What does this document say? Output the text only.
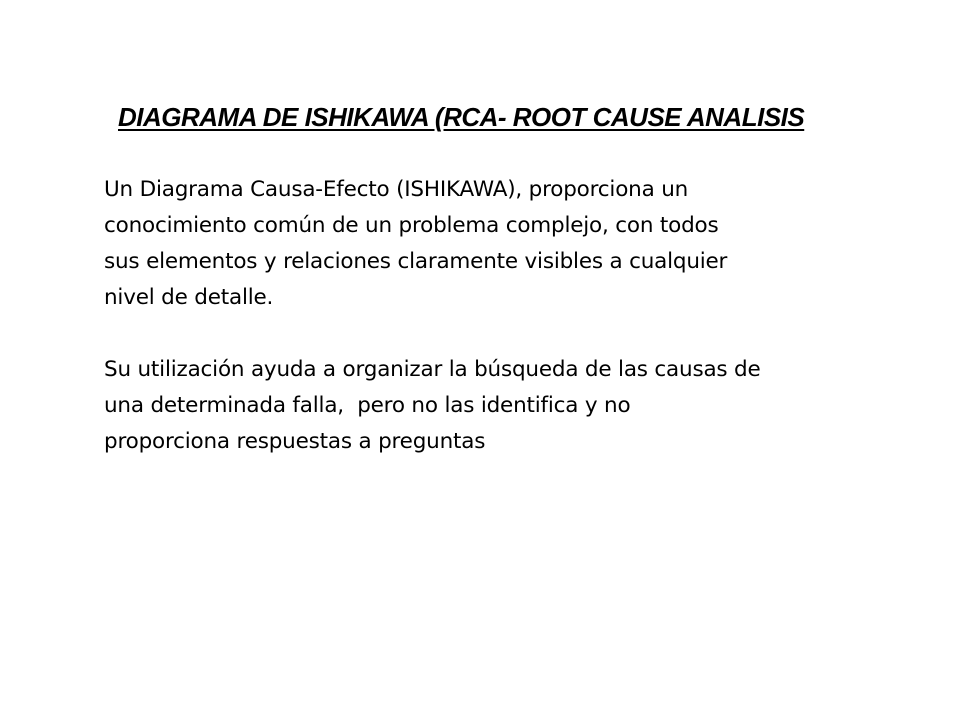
DIAGRAMA DE ISHIKAWA (RCA- ROOT CAUSE ANALISIS

Un Diagrama Causa-Efecto (ISHIKAWA), proporciona un
conocimiento común de un problema complejo, con todos
sus elementos y relaciones claramente visibles a cualquier
nivel de detalle.

Su utilización ayuda a organizar la búsqueda de las causas de
una determinada falla,  pero no las identifica y no
proporciona respuestas a preguntas
